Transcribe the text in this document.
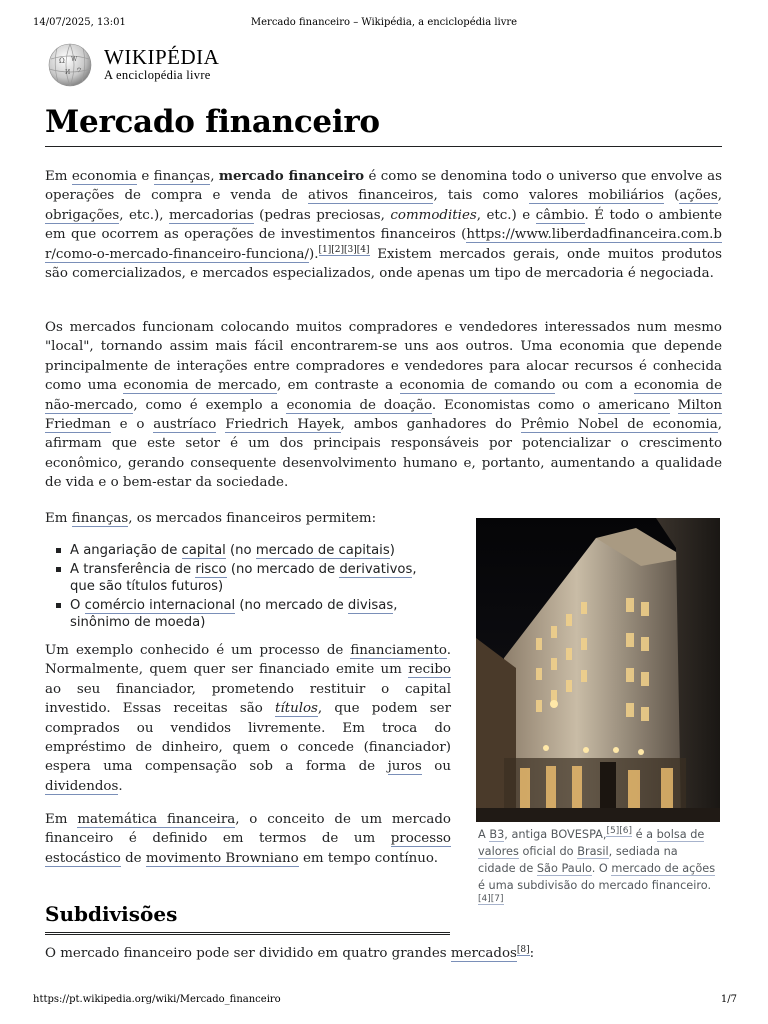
14/07/2025, 13:01	Mercado financeiro – Wikipédia, a enciclopédia livre
Ω W
И ウ
WIKIPÉDIA
A enciclopédia livre
Mercado financeiro
Em economia e finanças, mercado financeiro é como se denomina todo o universo que envolve as operações de compra e venda de ativos financeiros, tais como valores mobiliários (ações, obrigações, etc.), mercadorias (pedras preciosas, commodities, etc.) e câmbio. É todo o ambiente em que ocorrem as operações de investimentos financeiros (https://www.liberdadfinanceira.com.br/como-o-mercado-financeiro-funciona/).[1][2][3][4] Existem mercados gerais, onde muitos produtos são comercializados, e mercados especializados, onde apenas um tipo de mercadoria é negociada.
Os mercados funcionam colocando muitos compradores e vendedores interessados num mesmo "local", tornando assim mais fácil encontrarem-se uns aos outros. Uma economia que depende principalmente de interações entre compradores e vendedores para alocar recursos é conhecida como uma economia de mercado, em contraste a economia de comando ou com a economia de não-mercado, como é exemplo a economia de doação. Economistas como o americano Milton Friedman e o austríaco Friedrich Hayek, ambos ganhadores do Prêmio Nobel de economia, afirmam que este setor é um dos principais responsáveis por potencializar o crescimento econômico, gerando consequente desenvolvimento humano e, portanto, aumentando a qualidade de vida e o bem-estar da sociedade.
Em finanças, os mercados financeiros permitem:
A angariação de capital (no mercado de capitais)
A transferência de risco (no mercado de derivativos, que são títulos futuros)
O comércio internacional (no mercado de divisas, sinônimo de moeda)
Um exemplo conhecido é um processo de financiamento. Normalmente, quem quer ser financiado emite um recibo ao seu financiador, prometendo restituir o capital investido. Essas receitas são títulos, que podem ser comprados ou vendidos livremente. Em troca do empréstimo de dinheiro, quem o concede (financiador) espera uma compensação sob a forma de juros ou dividendos.
Em matemática financeira, o conceito de um mercado financeiro é definido em termos de um processo estocástico de movimento Browniano em tempo contínuo.
A B3, antiga BOVESPA,[5][6] é a bolsa de valores oficial do Brasil, sediada na cidade de São Paulo. O mercado de ações é uma subdivisão do mercado financeiro.[4][7]
Subdivisões
O mercado financeiro pode ser dividido em quatro grandes mercados[8]:
https://pt.wikipedia.org/wiki/Mercado_financeiro	1/7
